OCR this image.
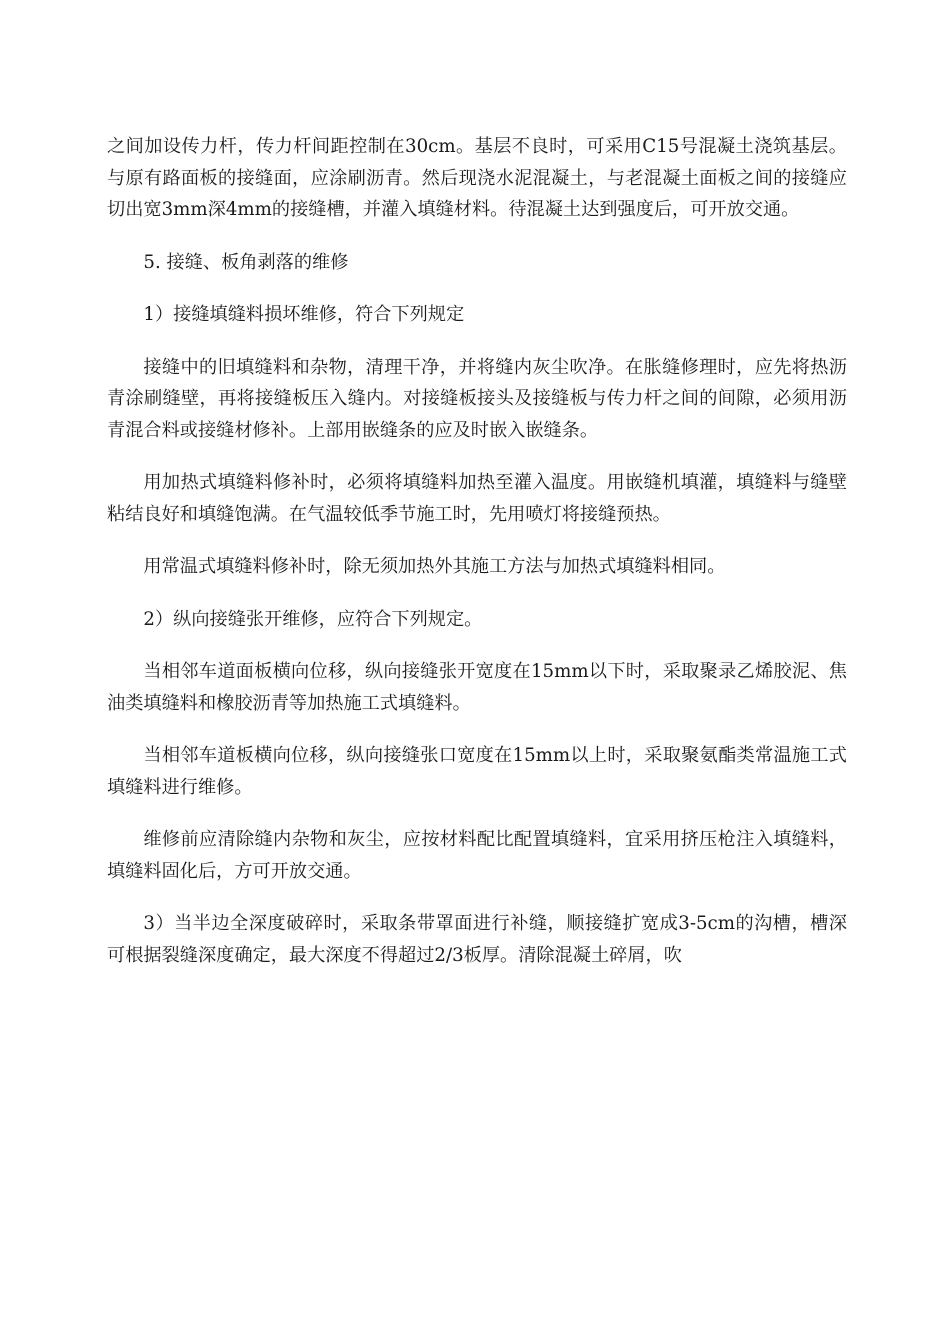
之间加设传力杆，传力杆间距控制在30cm。基层不良时，可采用C15号混凝土浇筑基层。与原有路面板的接缝面，应涂刷沥青。然后现浇水泥混凝土，与老混凝土面板之间的接缝应切出宽3mm深4mm的接缝槽，并灌入填缝材料。待混凝土达到强度后，可开放交通。

5. 接缝、板角剥落的维修

1）接缝填缝料损坏维修，符合下列规定

接缝中的旧填缝料和杂物，清理干净，并将缝内灰尘吹净。在胀缝修理时，应先将热沥青涂刷缝壁，再将接缝板压入缝内。对接缝板接头及接缝板与传力杆之间的间隙，必须用沥青混合料或接缝材修补。上部用嵌缝条的应及时嵌入嵌缝条。

用加热式填缝料修补时，必须将填缝料加热至灌入温度。用嵌缝机填灌，填缝料与缝壁粘结良好和填缝饱满。在气温较低季节施工时，先用喷灯将接缝预热。

用常温式填缝料修补时，除无须加热外其施工方法与加热式填缝料相同。

2）纵向接缝张开维修，应符合下列规定。

当相邻车道面板横向位移，纵向接缝张开宽度在15mm以下时，采取聚录乙烯胶泥、焦油类填缝料和橡胶沥青等加热施工式填缝料。

当相邻车道板横向位移，纵向接缝张口宽度在15mm以上时，采取聚氨酯类常温施工式填缝料进行维修。

维修前应清除缝内杂物和灰尘，应按材料配比配置填缝料，宜采用挤压枪注入填缝料，填缝料固化后，方可开放交通。

3）当半边全深度破碎时，采取条带罩面进行补缝，顺接缝扩宽成3-5cm的沟槽，槽深可根据裂缝深度确定，最大深度不得超过2/3板厚。清除混凝土碎屑，吹
